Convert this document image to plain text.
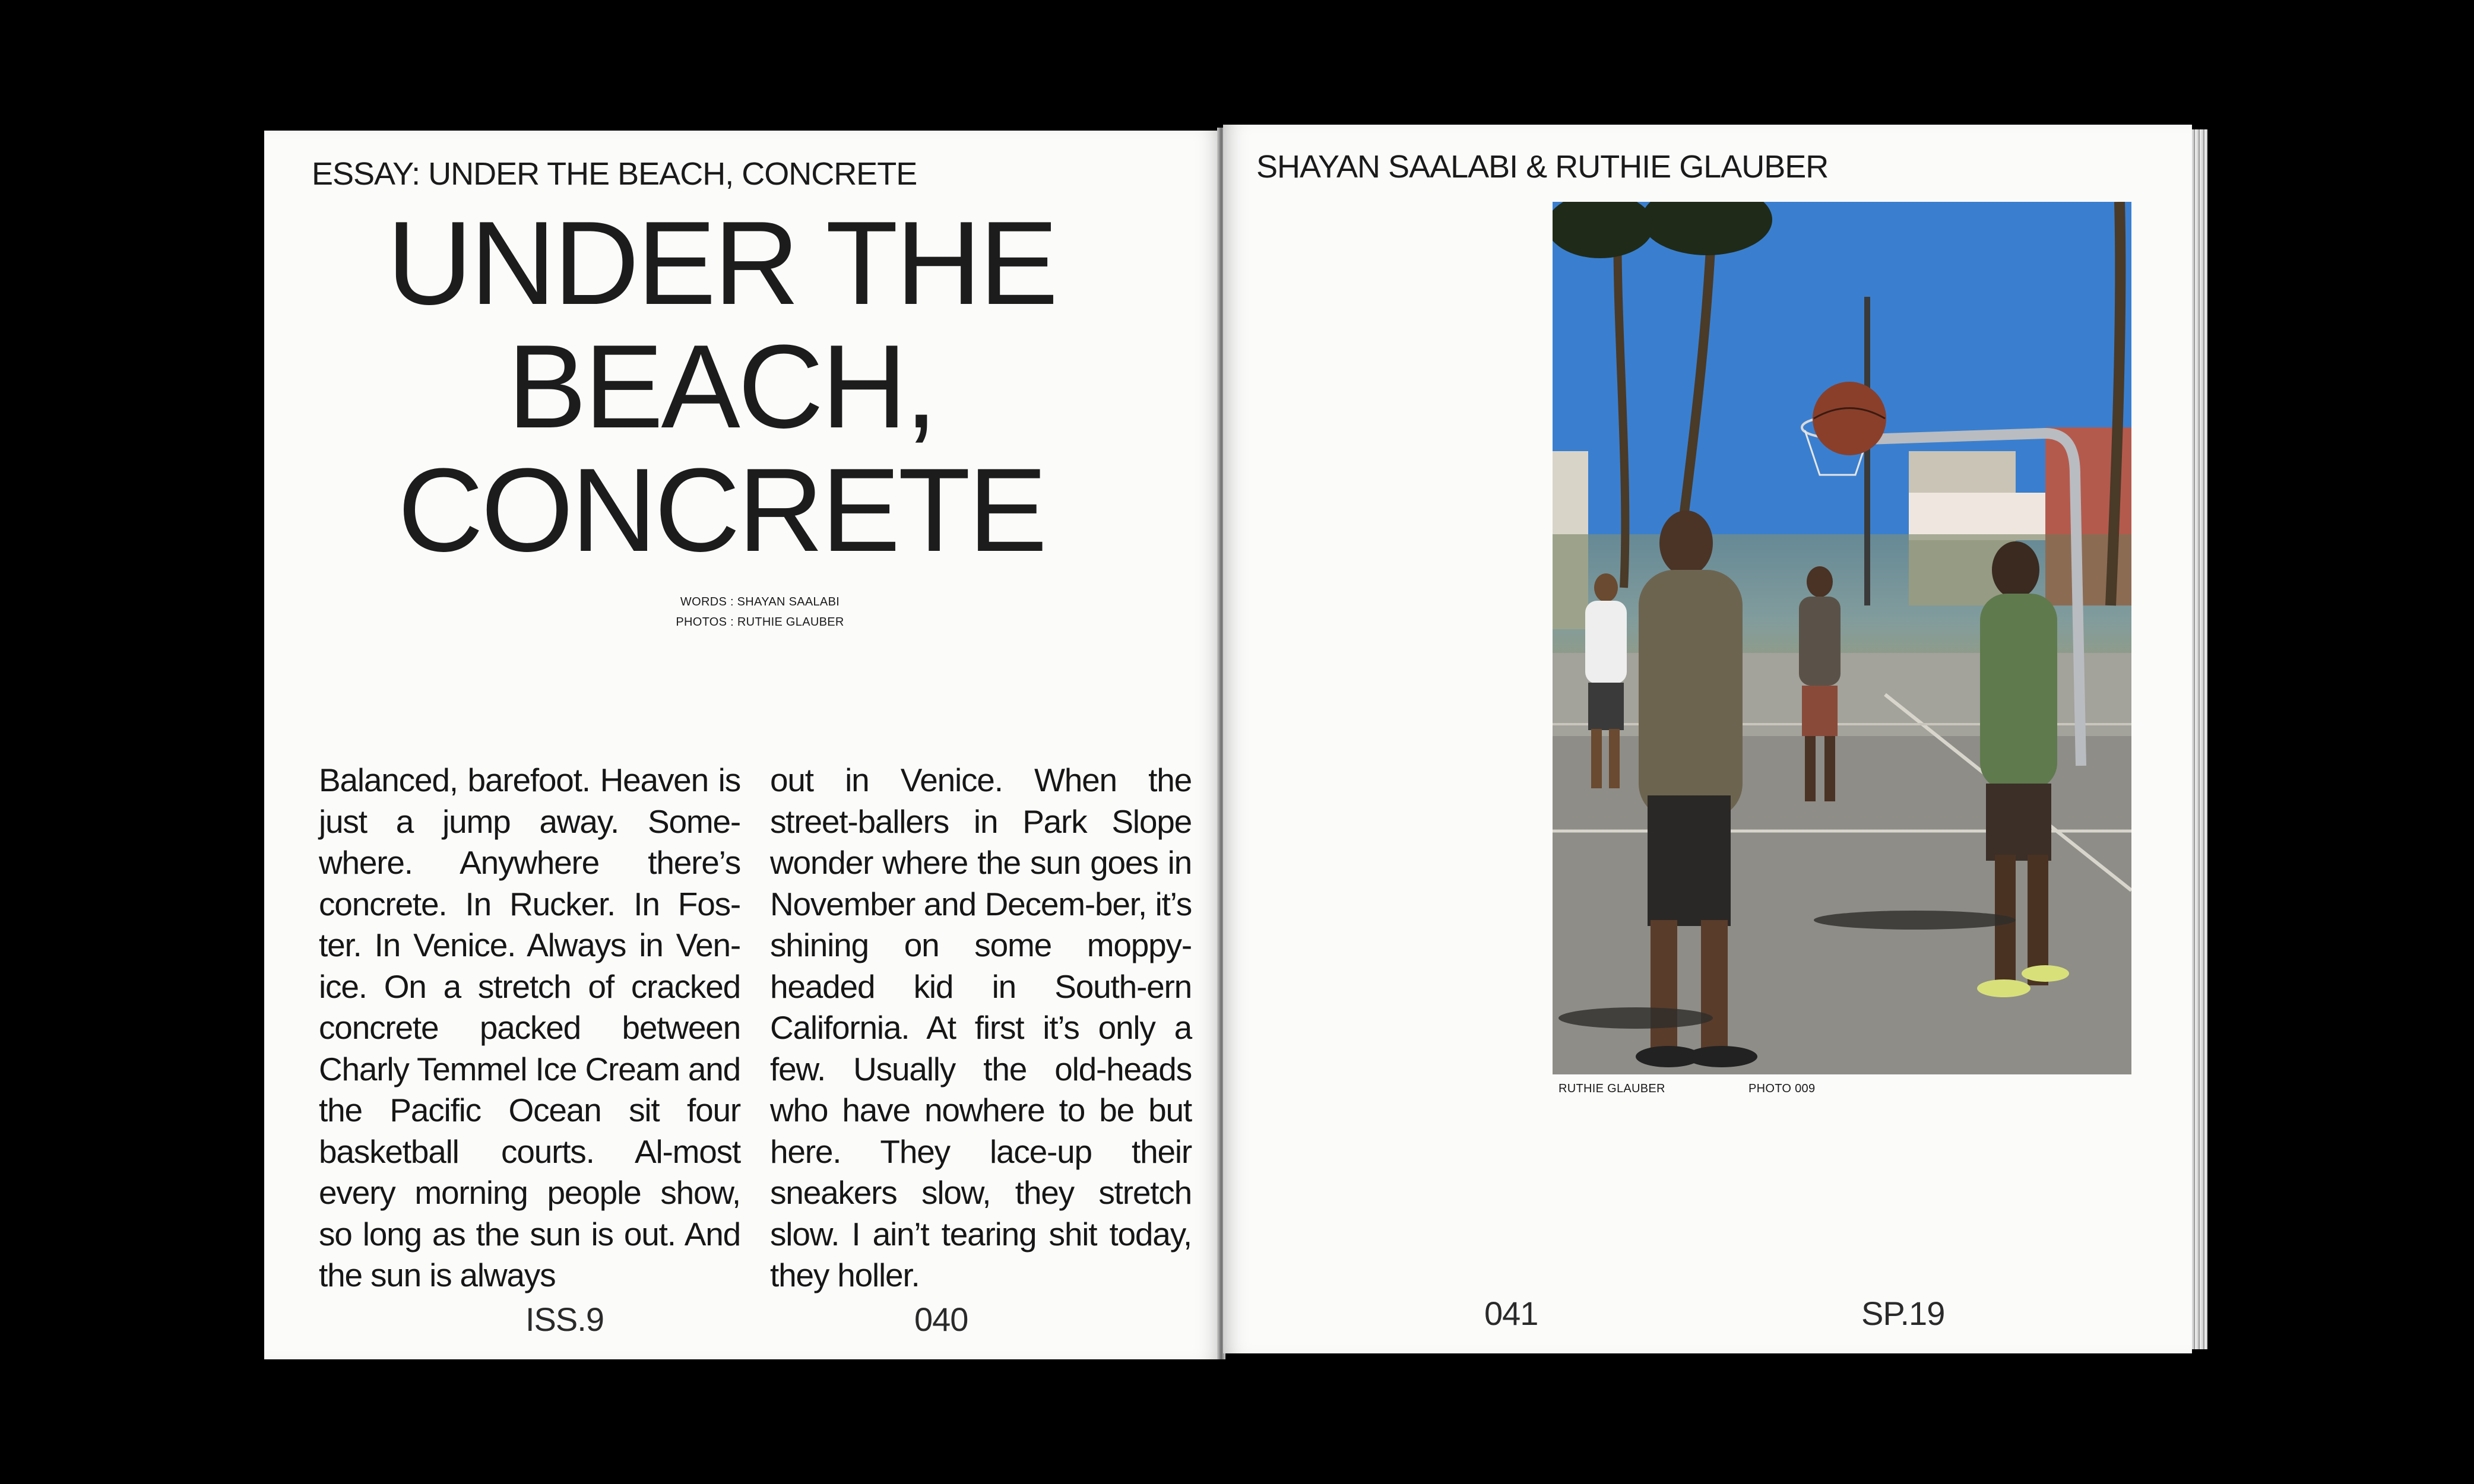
ESSAY: UNDER THE BEACH, CONCRETE
UNDER THE
BEACH,
CONCRETE
WORDS : SHAYAN SAALABI
PHOTOS : RUTHIE GLAUBER

Balanced, barefoot. Heaven is just a jump away. Some-where. Anywhere there’s concrete. In Rucker. In Fos-ter. In Venice. Always in Ven-ice. On a stretch of cracked concrete packed between Charly Temmel Ice Cream and the Pacific Ocean sit four basketball courts. Al-most every morning people show, so long as the sun is out. And the sun is always

out in Venice. When the street-ballers in Park Slope wonder where the sun goes in November and Decem-ber, it’s shining on some moppy-headed kid in South-ern California. At first it’s only a few. Usually the old-heads who have nowhere to be but here. They lace-up their sneakers slow, they stretch slow. I ain’t tearing shit today, they holler.

ISS.9	040
SHAYAN SAALABI & RUTHIE GLAUBER
RUTHIE GLAUBER	PHOTO 009
041	SP.19
